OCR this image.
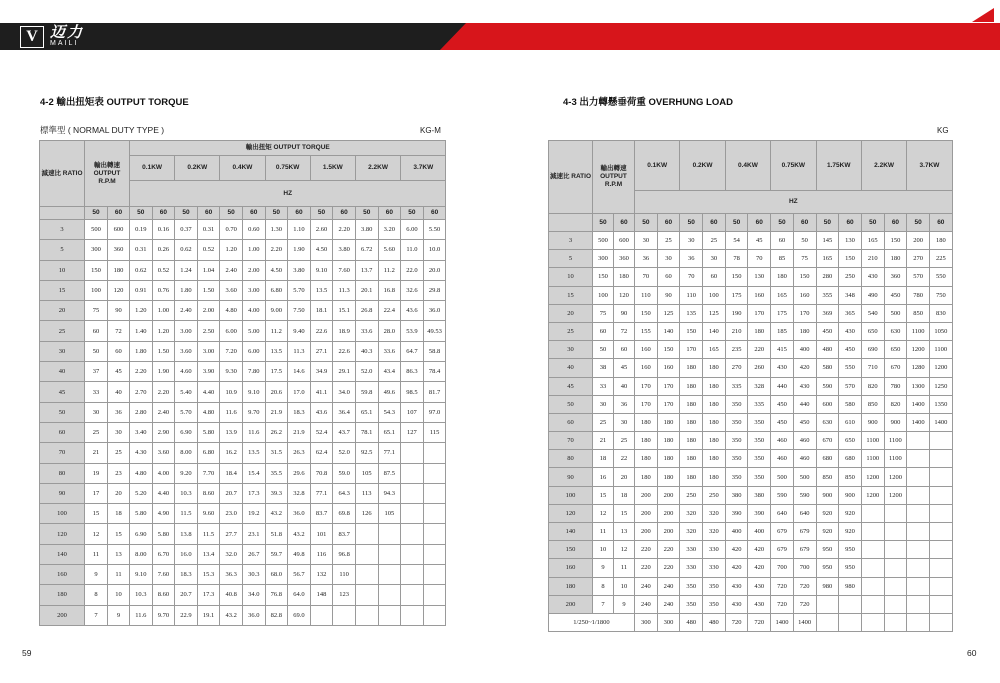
V 迈力
MAILI
4-2 輸出扭矩表 OUTPUT TORQUE
標準型 ( NORMAL DUTY TYPE )	KG-M
減速比 RATIO	輸出轉速 OUTPUT R.P.M		輸出扭矩 OUTPUT TORQUE													
			0.1KW		0.2KW		0.4KW		0.75KW		1.5KW		2.2KW		3.7KW	
			HZ													
	50	60	50	60	50	60	50	60	50	60	50	60	50	60	50	60
3	500	600	0.19	0.16	0.37	0.31	0.70	0.60	1.30	1.10	2.60	2.20	3.80	3.20	6.00	5.50
5	300	360	0.31	0.26	0.62	0.52	1.20	1.00	2.20	1.90	4.50	3.80	6.72	5.60	11.0	10.0
10	150	180	0.62	0.52	1.24	1.04	2.40	2.00	4.50	3.80	9.10	7.60	13.7	11.2	22.0	20.0
15	100	120	0.91	0.76	1.80	1.50	3.60	3.00	6.80	5.70	13.5	11.3	20.1	16.8	32.6	29.8
20	75	90	1.20	1.00	2.40	2.00	4.80	4.00	9.00	7.50	18.1	15.1	26.8	22.4	43.6	36.0
25	60	72	1.40	1.20	3.00	2.50	6.00	5.00	11.2	9.40	22.6	18.9	33.6	28.0	53.9	49.53
30	50	60	1.80	1.50	3.60	3.00	7.20	6.00	13.5	11.3	27.1	22.6	40.3	33.6	64.7	58.8
40	37	45	2.20	1.90	4.60	3.90	9.30	7.80	17.5	14.6	34.9	29.1	52.0	43.4	86.3	78.4
45	33	40	2.70	2.20	5.40	4.40	10.9	9.10	20.6	17.0	41.1	34.0	59.8	49.6	98.5	81.7
50	30	36	2.80	2.40	5.70	4.80	11.6	9.70	21.9	18.3	43.6	36.4	65.1	54.3	107	97.0
60	25	30	3.40	2.90	6.90	5.80	13.9	11.6	26.2	21.9	52.4	43.7	78.1	65.1	127	115
70	21	25	4.30	3.60	8.00	6.80	16.2	13.5	31.5	26.3	62.4	52.0	92.5	77.1		
80	19	23	4.80	4.00	9.20	7.70	18.4	15.4	35.5	29.6	70.8	59.0	105	87.5		
90	17	20	5.20	4.40	10.3	8.60	20.7	17.3	39.3	32.8	77.1	64.3	113	94.3		
100	15	18	5.80	4.90	11.5	9.60	23.0	19.2	43.2	36.0	83.7	69.8	126	105		
120	12	15	6.90	5.80	13.8	11.5	27.7	23.1	51.8	43.2	101	83.7				
140	11	13	8.00	6.70	16.0	13.4	32.0	26.7	59.7	49.8	116	96.8				
160	9	11	9.10	7.60	18.3	15.3	36.3	30.3	68.0	56.7	132	110				
180	8	10	10.3	8.60	20.7	17.3	40.8	34.0	76.8	64.0	148	123				
200	7	9	11.6	9.70	22.9	19.1	43.2	36.0	82.8	69.0						
4-3 出力轉懸垂荷重 OVERHUNG LOAD
KG
減速比 RATIO	輸出轉速 OUTPUT R.P.M		0.1KW		0.2KW		0.4KW		0.75KW		1.75KW		2.2KW		3.7KW		
			HZ														
	50	60	50	60	50	60	50	60	50	60	50	60	50	60	50	60	
3	500	600	30	25	30	25	54	45	60	50	145	130	165	150	200	180	
5	300	360	36	30	36	30	78	70	85	75	165	150	210	180	270	225	
10	150	180	70	60	70	60	150	130	180	150	280	250	430	360	570	550	
15	100	120	110	90	110	100	175	160	165	160	355	348	490	450	780	750	
20	75	90	150	125	135	125	190	170	175	170	369	365	540	500	850	830	
25	60	72	155	140	150	140	210	180	185	180	450	430	650	630	1100	1050	
30	50	60	160	150	170	165	235	220	415	400	480	450	690	650	1200	1100	
40	38	45	160	160	180	180	270	260	430	420	580	550	710	670	1280	1200	
45	33	40	170	170	180	180	335	328	440	430	590	570	820	780	1300	1250	
50	30	36	170	170	180	180	350	335	450	440	600	580	850	820	1400	1350	
60	25	30	180	180	180	180	350	350	450	450	630	610	900	900	1400	1400	
70	21	25	180	180	180	180	350	350	460	460	670	650	1100	1100			
80	18	22	180	180	180	180	350	350	460	460	680	680	1100	1100			
90	16	20	180	180	180	180	350	350	500	500	850	850	1200	1200			
100	15	18	200	200	250	250	380	380	590	590	900	900	1200	1200			
120	12	15	200	200	320	320	390	390	640	640	920	920					
140	11	13	200	200	320	320	400	400	679	679	920	920					
150	10	12	220	220	330	330	420	420	679	679	950	950					
160	9	11	220	220	330	330	420	420	700	700	950	950					
180	8	10	240	240	350	350	430	430	720	720	980	980					
200	7	9	240	240	350	350	430	430	720	720							
1/250~1/1800			300	300	480	480	720	720	1400	1400							
59	60
